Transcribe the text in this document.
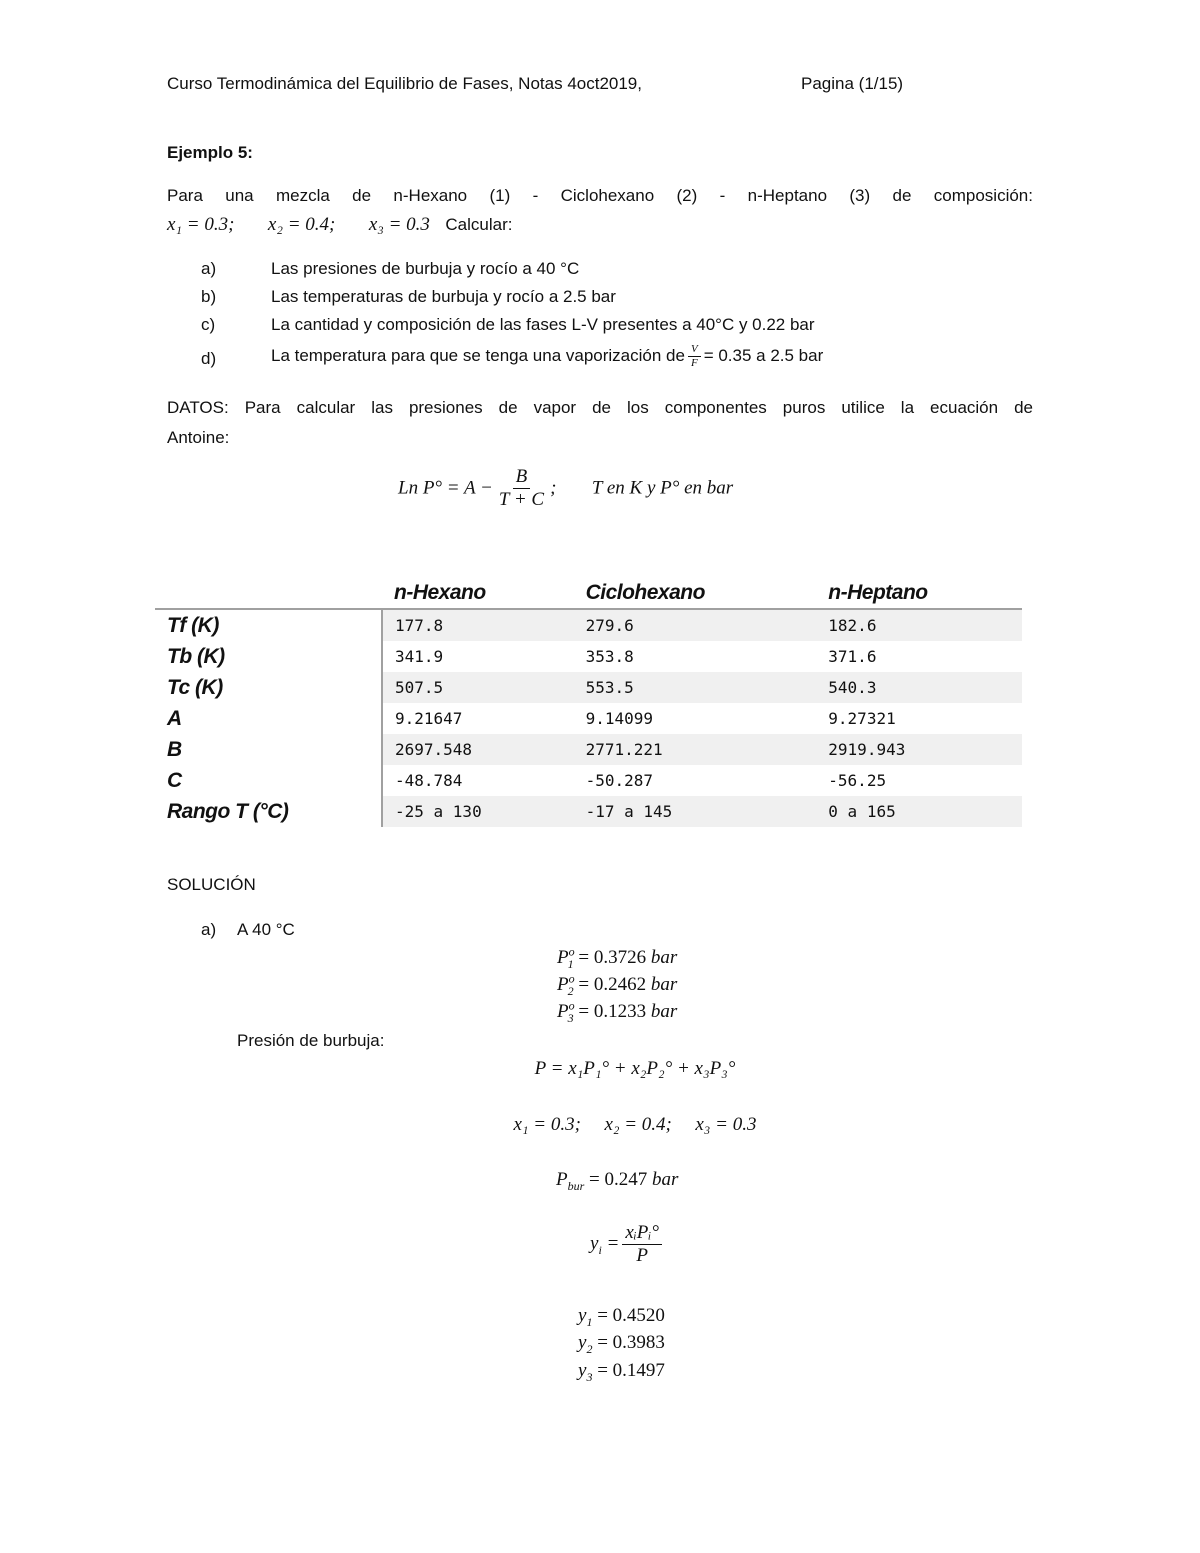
Curso Termodinámica del Equilibrio de Fases, Notas 4oct2019,	Pagina (1/15)
Ejemplo 5:
Para una mezcla de n-Hexano (1) - Ciclohexano (2) - n-Heptano (3) de composición:
x₁ = 0.3; x₂ = 0.4; x₃ = 0.3 Calcular:
a)	Las presiones de burbuja y rocío a 40 °C
b)	Las temperaturas de burbuja y rocío a 2.5 bar
c)	La cantidad y composición de las fases L-V presentes a 40°C y 0.22 bar
d)	La temperatura para que se tenga una vaporización de $\frac{V}{F} = 0.35$ a 2.5 bar
DATOS: Para calcular las presiones de vapor de los componentes puros utilice la ecuación de
Antoine:
Ln $P^\circ = A - \frac{B}{T + C}$ ; T en K y P° en bar
	n-Hexano	Ciclohexano	n-Heptano
Tf (K)	177.8	279.6	182.6
Tb (K)	341.9	353.8	371.6
Tc (K)	507.5	553.5	540.3
A	9.21647	9.14099	9.27321
B	2697.548	2771.221	2919.943
C	-48.784	-50.287	-56.25
Rango T (°C)	-25 a 130	-17 a 145	0 a 165
SOLUCIÓN
a) A 40 °C
$P^o_1 = 0.3726$ bar
$P^o_2 = 0.2462$ bar
$P^o_3 = 0.1233$ bar
Presión de burbuja:
P = x₁P₁° + x₂P₂° + x₃P₃°
x₁ = 0.3; x₂ = 0.4; x₃ = 0.3
$P_{bur} = 0.247$ bar
$y_i = \frac{\text{xᵢPᵢ°}}{P}$
$y_1 = 0.4520$
$y_2 = 0.3983$
$y_3 = 0.1497$
